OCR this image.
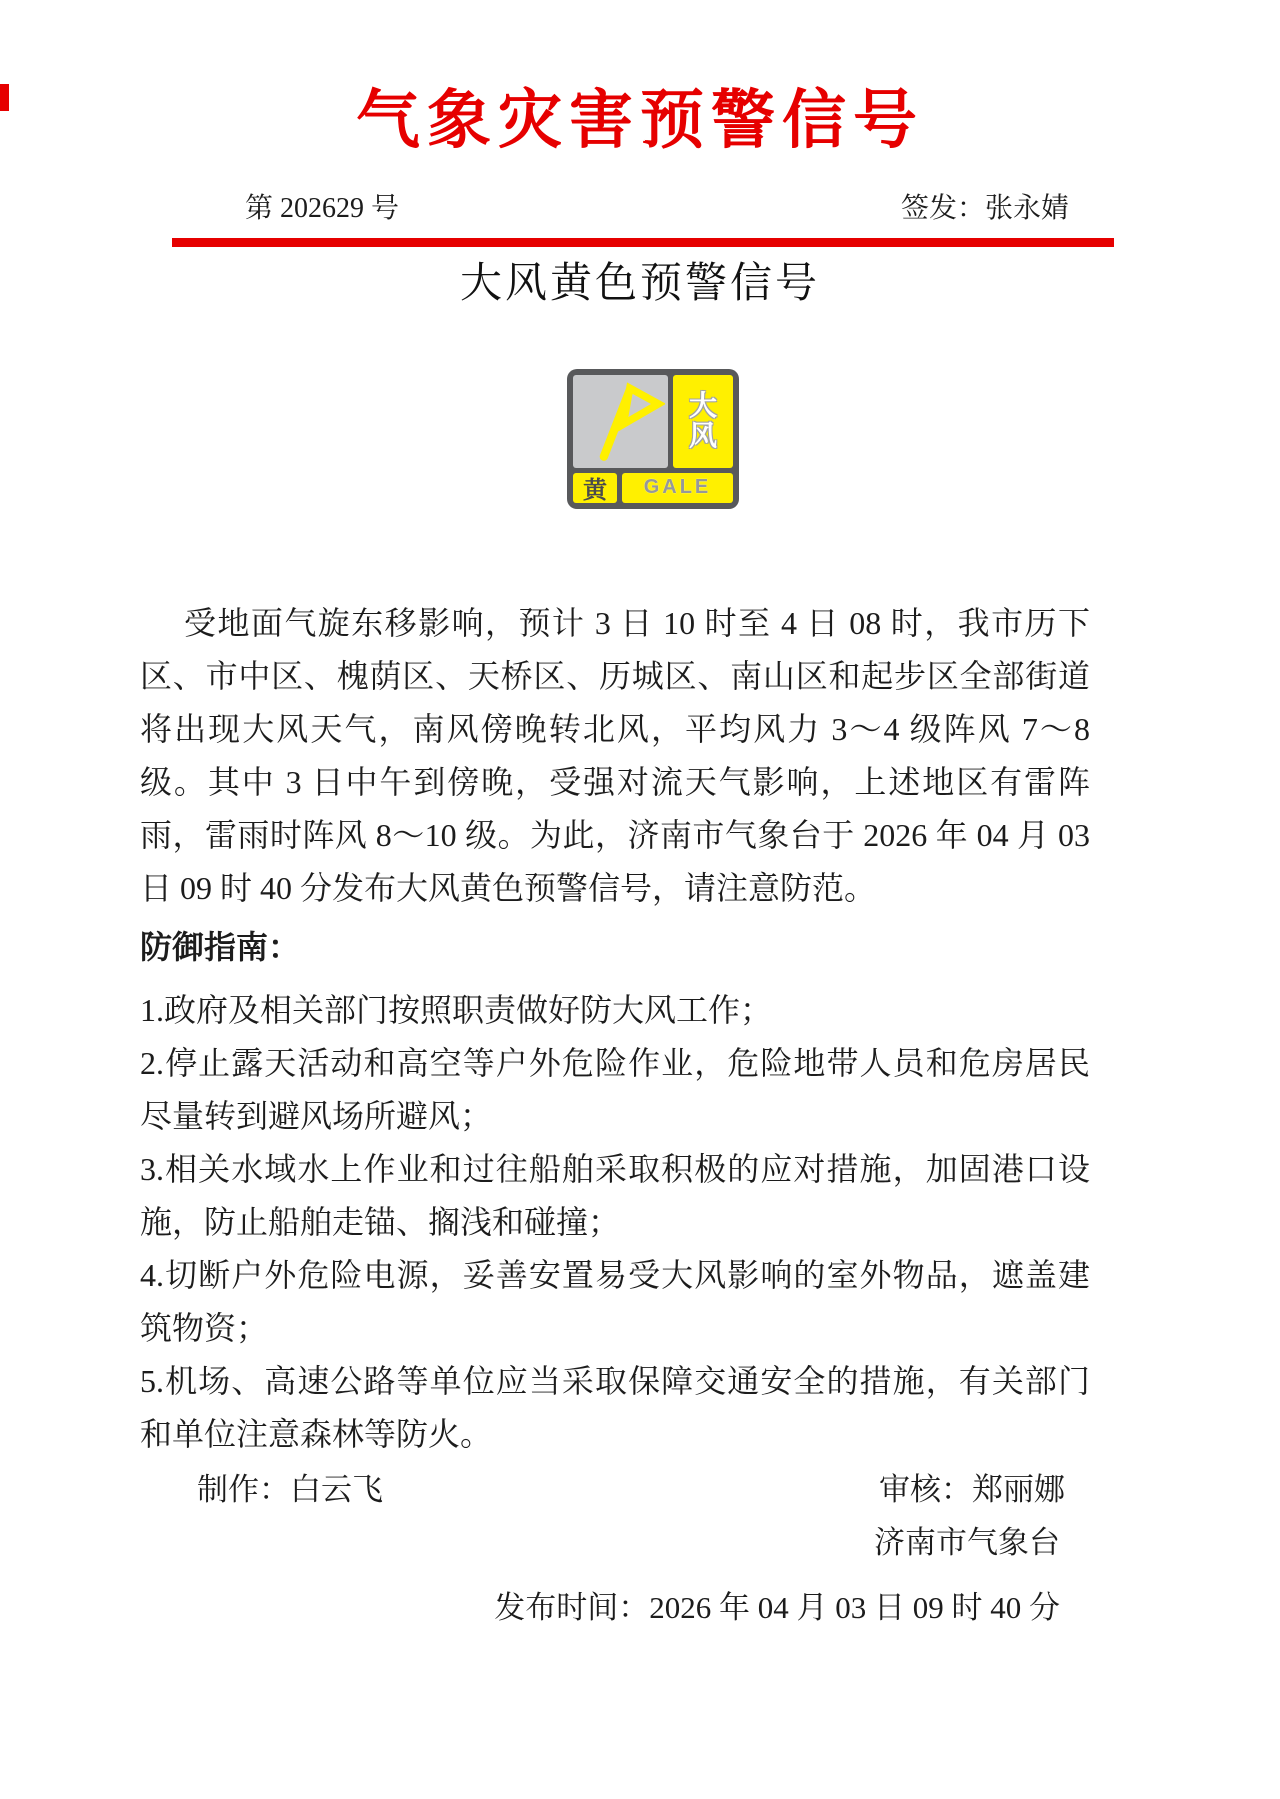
气象灾害预警信号
第 202629 号	签发：张永婧
大风黄色预警信号
大
风
黄	GALE

受地面气旋东移影响，预计 3 日 10 时至 4 日 08 时，我市历下区、市中区、槐荫区、天桥区、历城区、南山区和起步区全部街道将出现大风天气，南风傍晚转北风，平均风力 3～4 级阵风 7～8 级。其中 3 日中午到傍晚，受强对流天气影响，上述地区有雷阵雨，雷雨时阵风 8～10 级。为此，济南市气象台于 2026 年 04 月 03 日 09 时 40 分发布大风黄色预警信号，请注意防范。

防御指南：

1.政府及相关部门按照职责做好防大风工作；

2.停止露天活动和高空等户外危险作业，危险地带人员和危房居民尽量转到避风场所避风；

3.相关水域水上作业和过往船舶采取积极的应对措施，加固港口设施，防止船舶走锚、搁浅和碰撞；

4.切断户外危险电源，妥善安置易受大风影响的室外物品，遮盖建筑物资；

5.机场、高速公路等单位应当采取保障交通安全的措施，有关部门和单位注意森林等防火。

制作：白云飞	审核：郑丽娜
济南市气象台
发布时间：2026 年 04 月 03 日 09 时 40 分
